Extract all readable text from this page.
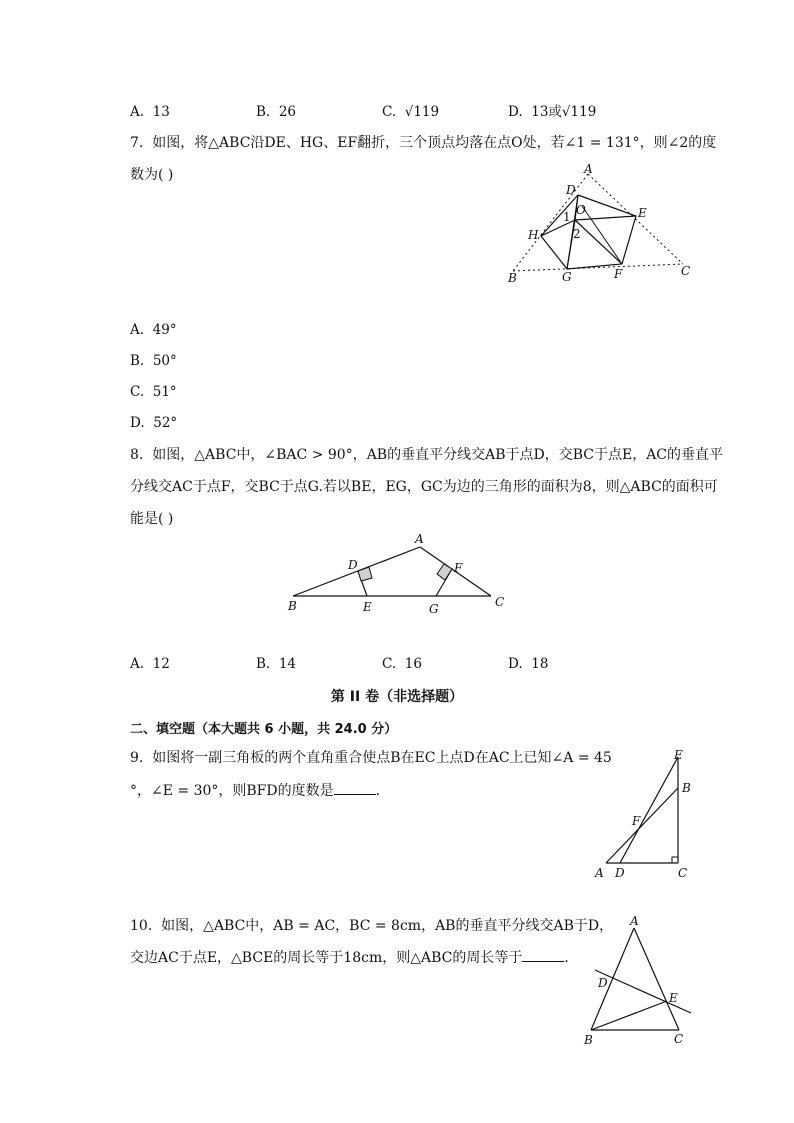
A. 13	B. 26	C. √119	D. 13或√119
7. 如图，将△ABC沿DE、HG、EF翻折，三个顶点均落在点O处，若∠1 = 131°，则∠2的度
数为( )	A
D
O	E
1
2
H
B	G	F	C
A. 49°
B. 50°
C. 51°
D. 52°
8. 如图，△ABC中，∠BAC > 90°，AB的垂直平分线交AB于点D，交BC于点E，AC的垂直平
分线交AC于点F，交BC于点G.若以BE，EG，GC为边的三角形的面积为8，则△ABC的面积可
能是( )
A
D	F
B	E	G	C
A. 12	B. 14	C. 16	D. 18
第 II 卷（非选择题）
二、填空题（本大题共 6 小题，共 24.0 分）
9. 如图将一副三角板的两个直角重合使点B在EC上点D在AC上已知∠A = 45
°，∠E = 30°，则BFD的度数是	.
E
B
F
A D	C
10. 如图，△ABC中，AB = AC，BC = 8cm，AB的垂直平分线交AB于D，
交边AC于点E，△BCE的周长等于18cm，则△ABC的周长等于	.
A
D
E
B	C
